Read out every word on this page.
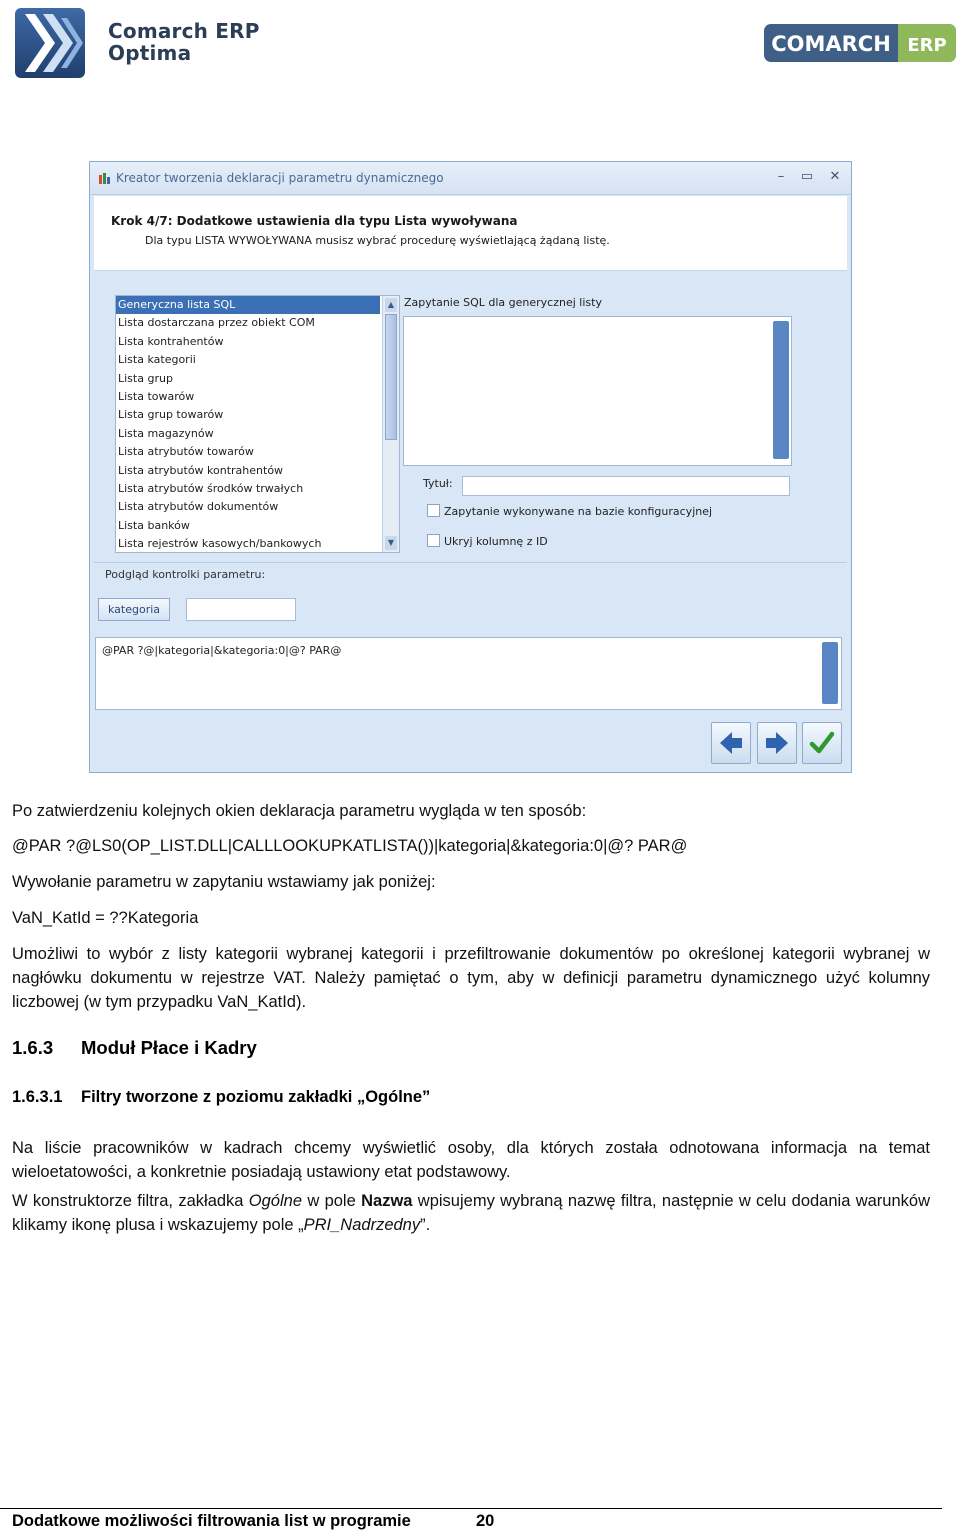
Comarch ERP
Optima	COMARCH ERP
Kreator tworzenia deklaracji parametru dynamicznego	–	▭ ✕
Krok 4/7: Dodatkowe ustawienia dla typu Lista wywoływana
Dla typu LISTA WYWOŁYWANA musisz wybrać procedurę wyświetlającą żądaną listę.
Generyczna lista SQL
Lista dostarczana przez obiekt COM
Lista kontrahentów
Lista kategorii
Lista grup
Lista towarów
Lista grup towarów
Lista magazynów
Lista atrybutów towarów
Lista atrybutów kontrahentów
Lista atrybutów środków trwałych
Lista atrybutów dokumentów
Lista banków
Lista rejestrów kasowych/bankowych
▲
▼
Zapytanie SQL dla generycznej listy
Tytuł:
Zapytanie wykonywane na bazie konfiguracyjnej
Ukryj kolumnę z ID
Podgląd kontrolki parametru:
kategoria
@PAR ?@|kategoria|&kategoria:0|@? PAR@
Po zatwierdzeniu kolejnych okien deklaracja parametru wygląda w ten sposób:
@PAR ?@LS0(OP_LIST.DLL|CALLLOOKUPKATLISTA())|kategoria|&kategoria:0|@? PAR@
Wywołanie parametru w zapytaniu wstawiamy jak poniżej:
VaN_KatId = ??Kategoria
Umożliwi to wybór z listy kategorii wybranej kategorii i przefiltrowanie dokumentów po określonej kategorii wybranej w nagłówku dokumentu w rejestrze VAT. Należy pamiętać o tym, aby w definicji parametru dynamicznego użyć kolumny liczbowej (w tym przypadku VaN_KatId).
1.6.3 Moduł Płace i Kadry
1.6.3.1 Filtry tworzone z poziomu zakładki „Ogólne”
Na liście pracowników w kadrach chcemy wyświetlić osoby, dla których została odnotowana informacja na temat wieloetatowości, a konkretnie posiadają ustawiony etat podstawowy.
W konstruktorze filtra, zakładka Ogólne w pole Nazwa wpisujemy wybraną nazwę filtra, następnie w celu dodania warunków klikamy ikonę plusa i wskazujemy pole „PRI_Nadrzedny”.
Dodatkowe możliwości filtrowania list w programie	20
